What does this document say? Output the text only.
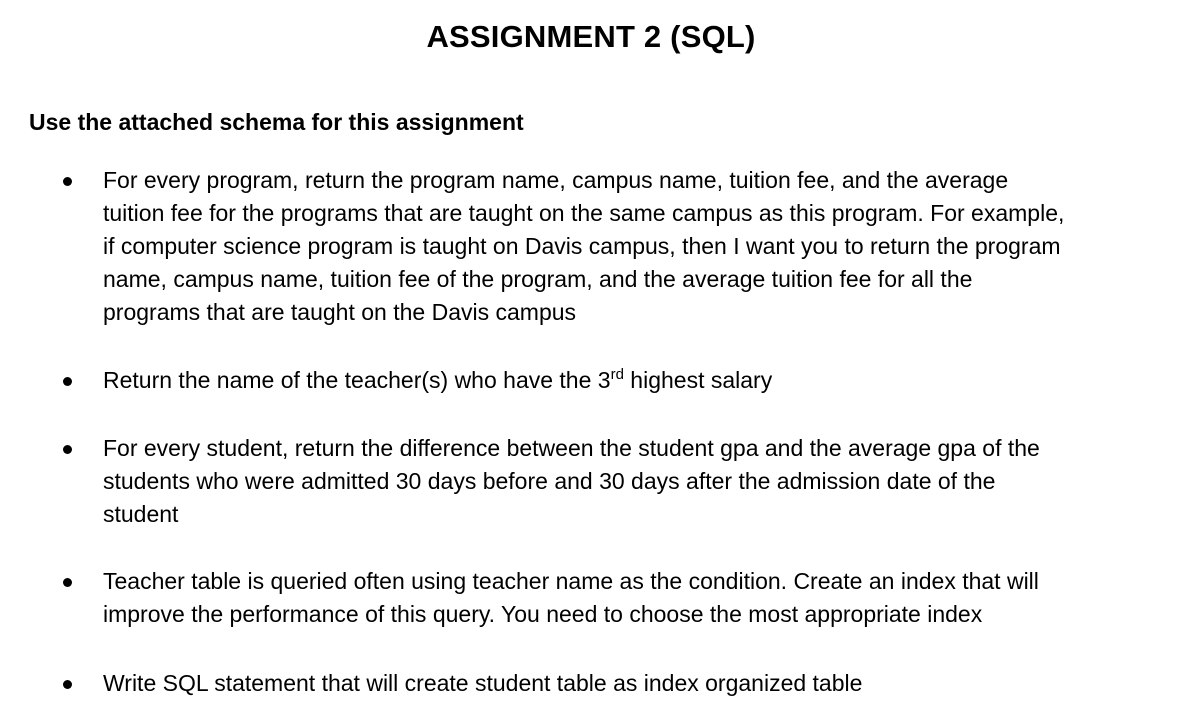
ASSIGNMENT 2 (SQL)
Use the attached schema for this assignment
For every program, return the program name, campus name, tuition fee, and the average
tuition fee for the programs that are taught on the same campus as this program. For example,
if computer science program is taught on Davis campus, then I want you to return the program
name, campus name, tuition fee of the program, and the average tuition fee for all the
programs that are taught on the Davis campus
Return the name of the teacher(s) who have the 3rd highest salary
For every student, return the difference between the student gpa and the average gpa of the
students who were admitted 30 days before and 30 days after the admission date of the
student
Teacher table is queried often using teacher name as the condition. Create an index that will
improve the performance of this query. You need to choose the most appropriate index
Write SQL statement that will create student table as index organized table
